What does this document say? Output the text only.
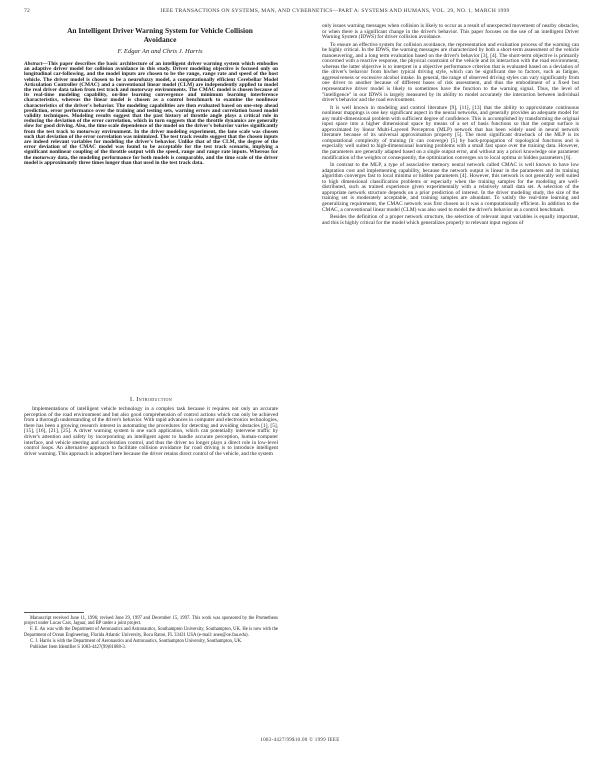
72	IEEE TRANSACTIONS ON SYSTEMS, MAN, AND CYBERNETICS—PART A: SYSTEMS AND HUMANS, VOL. 29, NO. 1, MARCH 1999
An Intelligent Driver Warning System for Vehicle Collision Avoidance
F. Edgar An and Chris J. Harris
Abstract—This paper describes the basic architecture of an intelligent driver warning system which embodies an adaptive driver model for collision avoidance in this study. Driver modeling objective is focused only on longitudinal car-following, and the model inputs are chosen to be the range, range rate and speed of the host vehicle. The driver model is chosen to be a neurofuzzy model, a computationally efficient Cerebellar Model Articulation Controller (CMAC) and a conventional linear model (CLM) are independently applied to model the real driver data taken from test track and motorway environments. The CMAC model is chosen because of its real-time modeling capability, on-line learning convergence and minimum learning interference characteristics, whereas the linear model is chosen as a control benchmark to examine the nonlinear characteristics of the driver's behavior. The modeling capabilities are then evaluated based on one-step ahead prediction, error performance over the training and testing sets, warning errors and correlation based model validity techniques. Modeling results suggest that the past history of throttle angle plays a critical role in reducing the deviation of the error correlation, which in turn suggests that the throttle dynamics are generally slow for good driving. Also, the time scale dependence of the model on the driver's behavior varies significantly from the test track to motorway environment. In the driver modeling experiment, the lane scale was chosen such that deviation of the error correlation was minimized. The test track results suggest that the chosen inputs are indeed relevant variables for modeling the driver's behavior. Unlike that of the CLM, the degree of the error deviation of the CMAC model was found to be acceptable for the test track scenario, implying a significant nonlinear coupling of the throttle output with the speed, range and range rate inputs. Whereas for the motorway data, the modeling performance for both models is comparable, and the time scale of the driver model is approximately three times longer than that used in the test track data.
I. Introduction

Implementations of intelligent vehicle technology in a complex task because it requires not only an accurate perception of the road environment and but also good comprehension of control actions which can only be achieved from a thorough understanding of the driver's behavior. With rapid advances in computer and electronics technologies, there has been a growing research interest in automating the procedures for detecting and avoiding obstacles [1], [5], [15], [16], [21], [25]. A driver warning system is one such application, which can potentially intervene traffic by driver's attention and safety by incorporating an intelligent agent to handle accurate perception, human-computer interface, and vehicle steering and acceleration control, and thus the driver no longer plays a direct role in low-level control loops. An alternative approach to facilitate collision avoidance for road driving is to introduce intelligent driver warning. This approach is adopted here because the driver retains direct control of the vehicle, and the system

Manuscript received June 11, 1996; revised June 29, 1997 and December 15, 1997. This work was sponsored by the Prometheus project under Lucas Cars, Jaguar, and BP under a joint project.

F. E. An was with the Department of Aeronautics and Astronautics, Southampton University, Southampton, UK. He is now with the Department of Ocean Engineering, Florida Atlantic University, Boca Raton, FL 33431 USA (e-mail: aneo@oe.fau.edu).

C. J. Harris is with the Department of Aeronautics and Astronautics, Southampton University, Southampton, UK.

Publisher Item Identifier S 1083-4427(99)01088-3.

only issues warning messages when collision is likely to occur as a result of unexpected movement of nearby obstacles, or when there is a significant change in the driver's behavior. This paper focuses on the use of an intelligent Driver Warning System (IDWS) for driver collision avoidance.

To ensure an effective system for collision avoidance, the representation and evaluation process of the warning can be highly critical. In the IDWS, the warning messages are characterized by both a short-term assessment of the vehicle manoeuvering, and a long term evaluation based on the driver's behavior [3], [4]. The short-term objective is primarily concerned with a reactive response, the physical constraint of the vehicle and its interaction with the road environment, whereas the latter objective is to interpret in a objective performance criterion that is evaluated based on a deviation of the driver's behavior from his/her typical driving style, which can be significant due to factors, such as fatigue, aggressiveness or excessive alcohol intake. In general, the range of observed driving styles can vary significantly from one driver to another because of different bases of risk assessment, and thus the embodiment of a fixed but representative driver model is likely to sometimes have the function to the warning signal. Thus, the level of "intelligence" in our IDWS is largely measured by its ability to model accurately the interaction between individual driver's behavior and the road environment.

It is well known in modeling and control literature [9], [11], [13] that the ability to approximate continuous nonlinear mappings is one key significant aspect in the neural networks, and generally provides an adequate model for any multi-dimensional problem with sufficient degree of confidence. This is accomplished by transforming the original input space into a higher dimensional space by means of a set of basis functions so that the output surface is approximated by linear Multi-Layered Perceptron (MLP) network that has been widely used in neural network literature because of its universal approximation property [5]. The most significant drawback of the MLP is its computational complexity of training (it can converge) [5] by back-propagation of topological functions and is especially well suited to high-dimensional learning problems with a small fast space over the training data. However, the parameters are generally adapted based on a single output error, and without any a priori knowledge one parameter modification of the weights or consequently, the optimization converges on to local optima or hidden parameters [6].

In contrast to the MLP, a type of associative memory neural network called CMAC is well known to have low adaptation cost and implementing capability, because the network output is linear in the parameters and its training algorithm converges fast to local minima or hidden parameters [4]. However, this network is not generally well suited to high dimensional classification problems or especially when the training samples for the modeling are well-distributed, such as trained experience given experimentally with a relatively small data set. A selection of the appropriate network structure depends on a prior prediction of interest. In the driver modeling study, the size of the training set is moderately acceptable, and training samples are abundant. To satisfy the real-time learning and generalizing requirement, the CMAC network was first chosen as it was a computationally efficient. In addition to the CMAC, a conventional linear model (CLM) was also used to model the driver's behavior as a control benchmark.

Besides the definition of a proper network structure, the selection of relevant input variables is equally important, and this is highly critical for the model which generalizes properly to relevant input regions of

1083-4427/99$10.00 © 1999 IEEE
